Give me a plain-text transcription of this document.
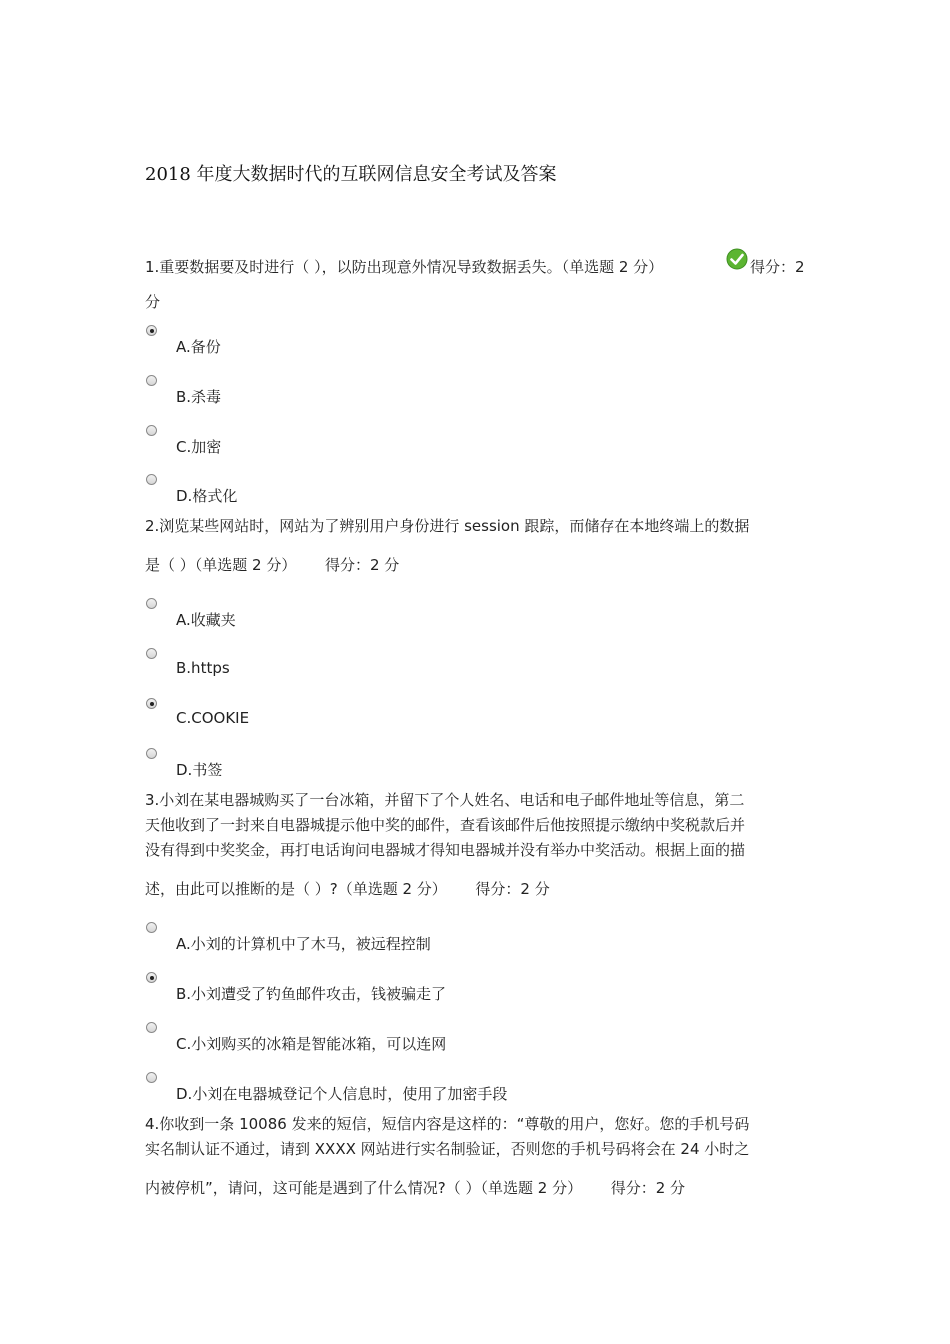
2018 年度大数据时代的互联网信息安全考试及答案
1.重要数据要及时进行（ ），以防出现意外情况导致数据丢失。（单选题 2 分）	得分：2
分
A.备份
B.杀毒
C.加密
D.格式化
2.浏览某些网站时，网站为了辨别用户身份进行 session 跟踪，而储存在本地终端上的数据
是（ ）（单选题 2 分）      得分：2 分
A.收藏夹
B.https
C.COOKIE
D.书签
3.小刘在某电器城购买了一台冰箱，并留下了个人姓名、电话和电子邮件地址等信息，第二
天他收到了一封来自电器城提示他中奖的邮件，查看该邮件后他按照提示缴纳中奖税款后并
没有得到中奖奖金，再打电话询问电器城才得知电器城并没有举办中奖活动。根据上面的描
述，由此可以推断的是（ ）?（单选题 2 分）      得分：2 分
A.小刘的计算机中了木马，被远程控制
B.小刘遭受了钓鱼邮件攻击，钱被骗走了
C.小刘购买的冰箱是智能冰箱，可以连网
D.小刘在电器城登记个人信息时，使用了加密手段
4.你收到一条 10086 发来的短信，短信内容是这样的：“尊敬的用户，您好。您的手机号码
实名制认证不通过，请到 XXXX 网站进行实名制验证，否则您的手机号码将会在 24 小时之
内被停机”，请问，这可能是遇到了什么情况?（ ）（单选题 2 分）      得分：2 分
